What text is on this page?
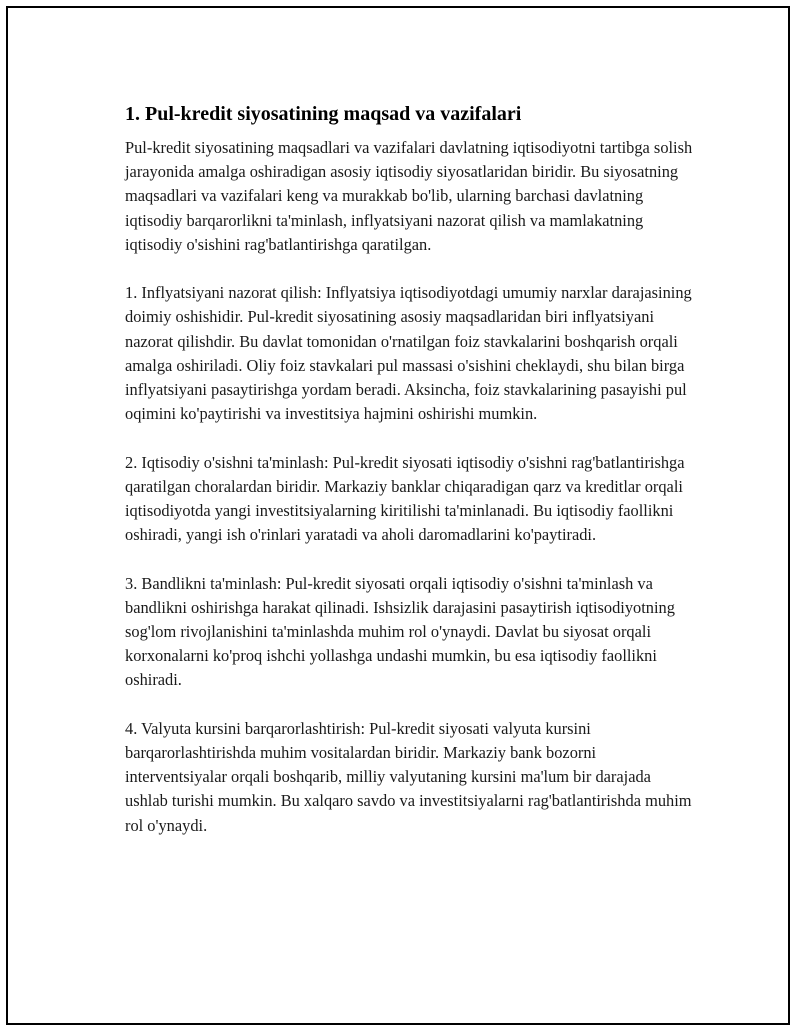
1. Pul-kredit siyosatining maqsad va vazifalari

Pul-kredit siyosatining maqsadlari va vazifalari davlatning iqtisodiyotni tartibga solish jarayonida amalga oshiradigan asosiy iqtisodiy siyosatlaridan biridir. Bu siyosatning maqsadlari va vazifalari keng va murakkab bo'lib, ularning barchasi davlatning iqtisodiy barqarorlikni ta'minlash, inflyatsiyani nazorat qilish va mamlakatning iqtisodiy o'sishini rag'batlantirishga qaratilgan.

1. Inflyatsiyani nazorat qilish: Inflyatsiya iqtisodiyotdagi umumiy narxlar darajasining doimiy oshishidir. Pul-kredit siyosatining asosiy maqsadlaridan biri inflyatsiyani nazorat qilishdir. Bu davlat tomonidan o'rnatilgan foiz stavkalarini boshqarish orqali amalga oshiriladi. Oliy foiz stavkalari pul massasi o'sishini cheklaydi, shu bilan birga inflyatsiyani pasaytirishga yordam beradi. Aksincha, foiz stavkalarining pasayishi pul oqimini ko'paytirishi va investitsiya hajmini oshirishi mumkin.

2. Iqtisodiy o'sishni ta'minlash: Pul-kredit siyosati iqtisodiy o'sishni rag'batlantirishga qaratilgan choralardan biridir. Markaziy banklar chiqaradigan qarz va kreditlar orqali iqtisodiyotda yangi investitsiyalarning kiritilishi ta'minlanadi. Bu iqtisodiy faollikni oshiradi, yangi ish o'rinlari yaratadi va aholi daromadlarini ko'paytiradi.

3. Bandlikni ta'minlash: Pul-kredit siyosati orqali iqtisodiy o'sishni ta'minlash va bandlikni oshirishga harakat qilinadi. Ishsizlik darajasini pasaytirish iqtisodiyotning sog'lom rivojlanishini ta'minlashda muhim rol o'ynaydi. Davlat bu siyosat orqali korxonalarni ko'proq ishchi yollashga undashi mumkin, bu esa iqtisodiy faollikni oshiradi.

4. Valyuta kursini barqarorlashtirish: Pul-kredit siyosati valyuta kursini barqarorlashtirishda muhim vositalardan biridir. Markaziy bank bozorni interventsiyalar orqali boshqarib, milliy valyutaning kursini ma'lum bir darajada ushlab turishi mumkin. Bu xalqaro savdo va investitsiyalarni rag'batlantirishda muhim rol o'ynaydi.
